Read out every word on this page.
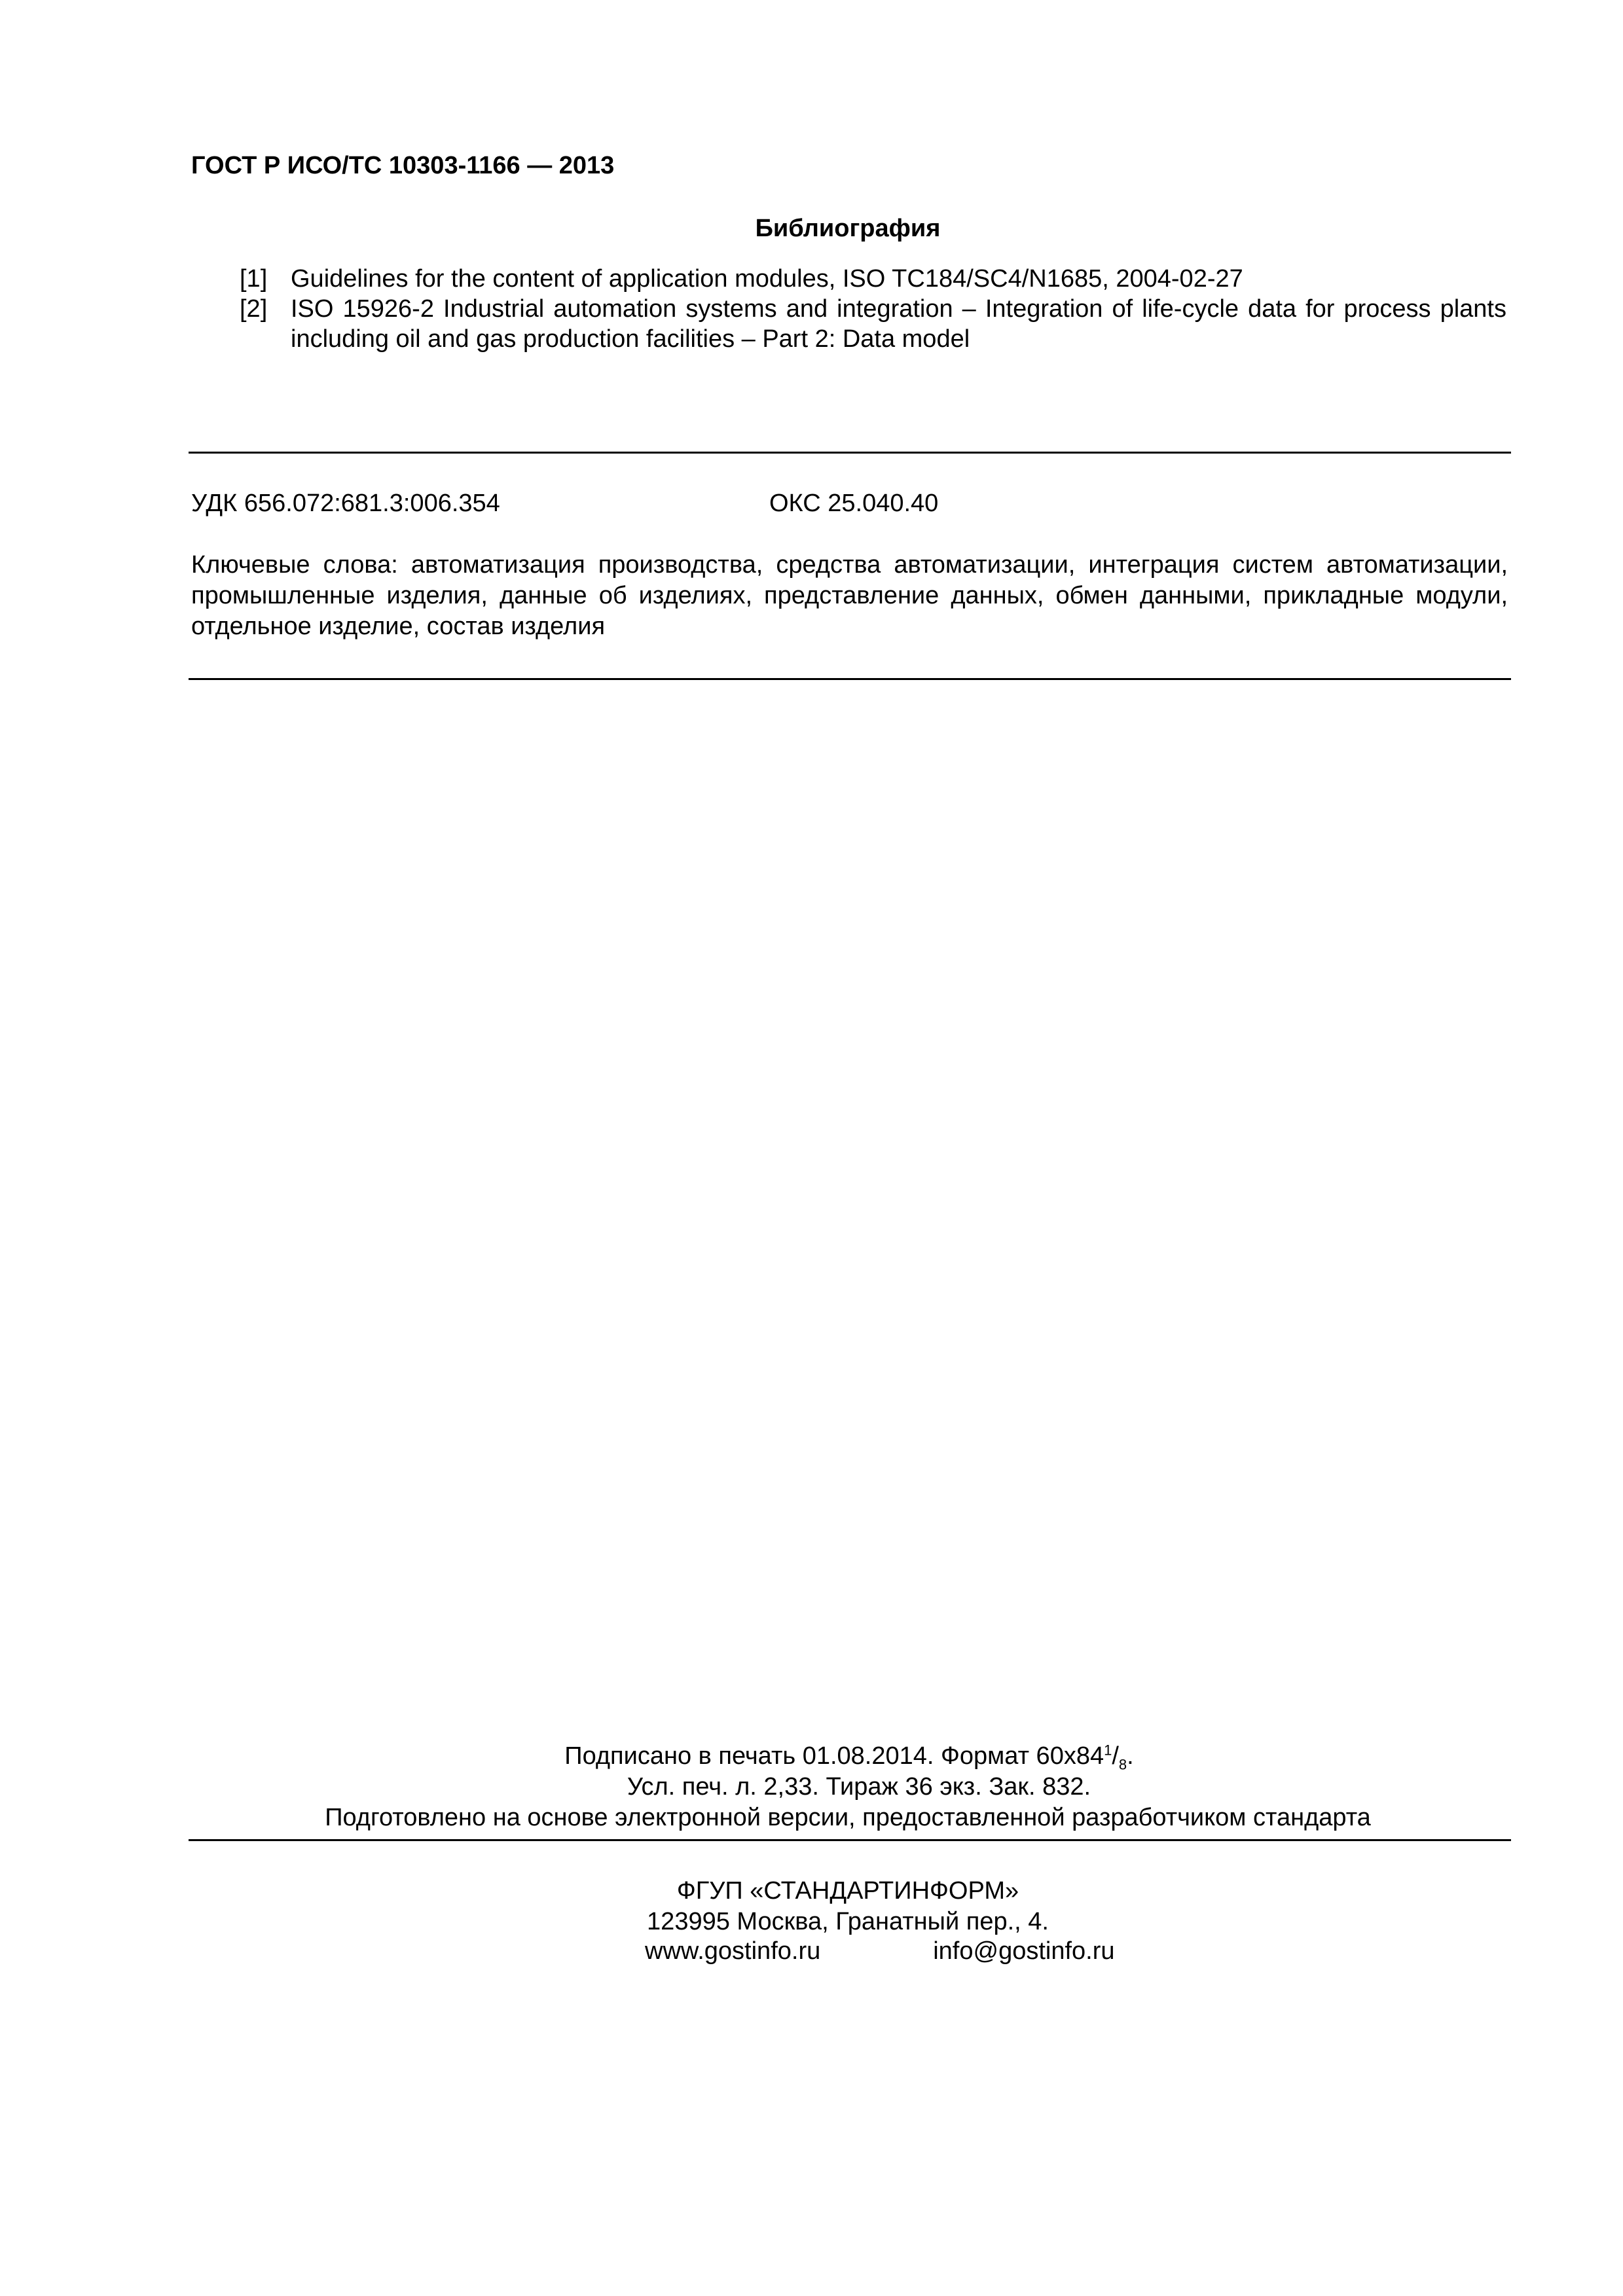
ГОСТ Р ИСО/ТС 10303-1166 — 2013
Библиография
[1] Guidelines for the content of application modules, ISO TC184/SC4/N1685, 2004-02-27
[2] ISO 15926-2 Industrial automation systems and integration – Integration of life-cycle data for process plants including oil and gas production facilities – Part 2: Data model
УДК 656.072:681.3:006.354	ОКС 25.040.40
Ключевые слова: автоматизация производства, средства автоматизации, интеграция систем автоматизации, промышленные изделия, данные об изделиях, представление данных, обмен данными, прикладные модули, отдельное изделие, состав изделия
Подписано в печать 01.08.2014. Формат $60x84^1/_8$.
Усл. печ. л. 2,33. Тираж 36 экз. Зак. 832.
Подготовлено на основе электронной версии, предоставленной разработчиком стандарта
ФГУП «СТАНДАРТИНФОРМ»
123995 Москва, Гранатный пер., 4.
www.gostinfo.ru	info@gostinfo.ru
